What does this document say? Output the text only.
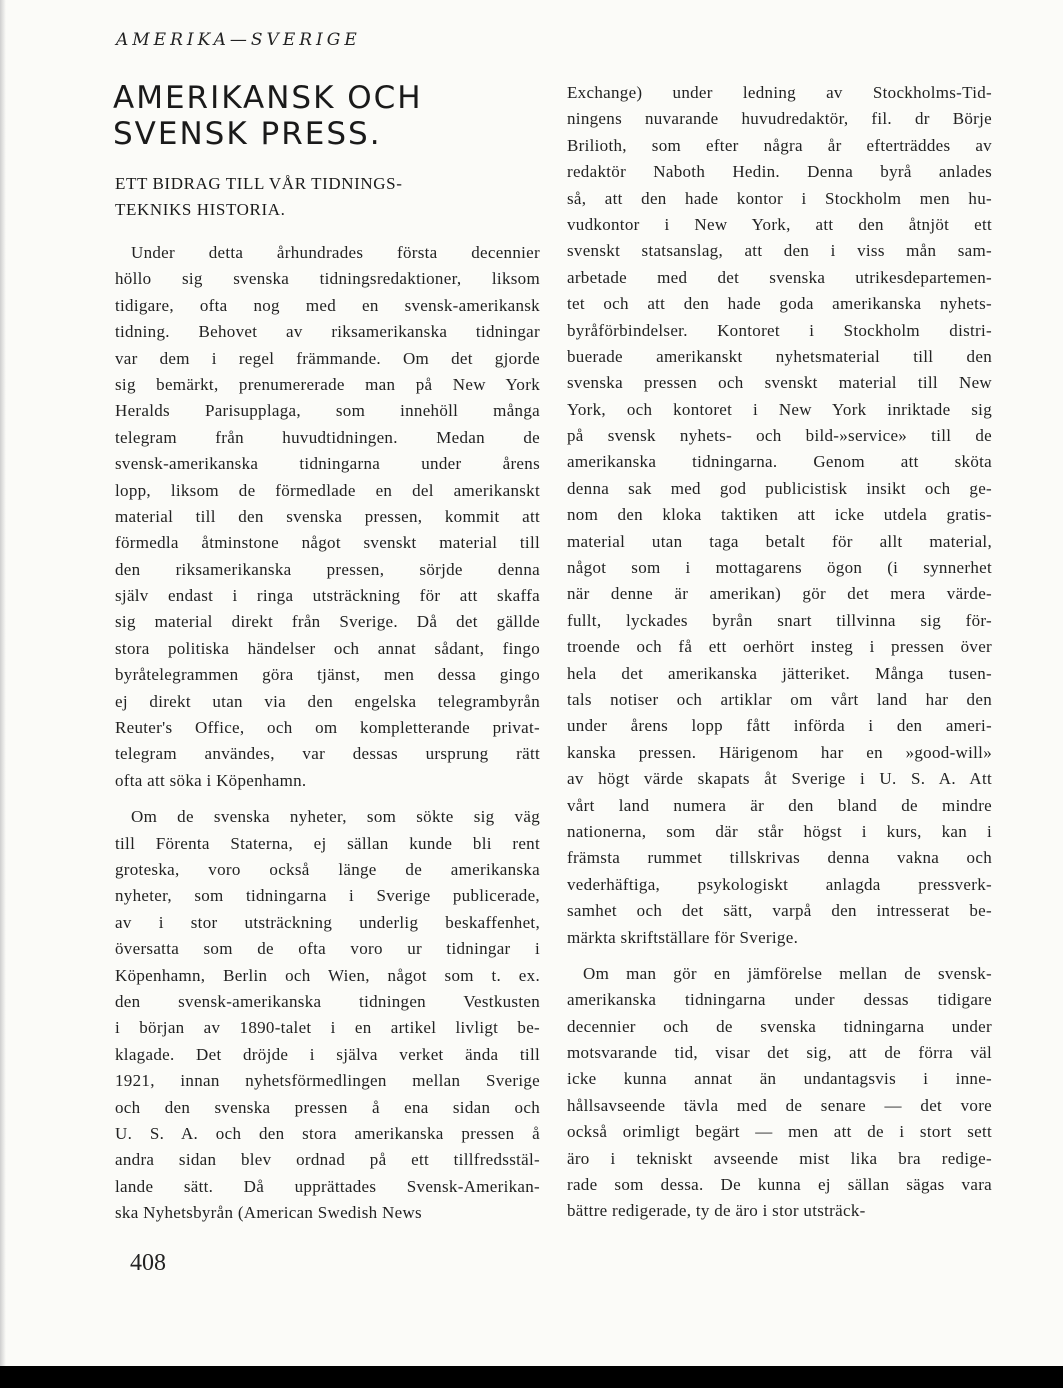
AMERIKA—SVERIGE
AMERIKANSK OCH
SVENSK PRESS.
ETT BIDRAG TILL VÅR TIDNINGS-
TEKNIKS HISTORIA.
Under detta århundrades första decennier
höllo sig svenska tidningsredaktioner, liksom
tidigare, ofta nog med en svensk-amerikansk
tidning. Behovet av riksamerikanska tidningar
var dem i regel främmande. Om det gjorde
sig bemärkt, prenumererade man på New York
Heralds Parisupplaga, som innehöll många
telegram från huvudtidningen. Medan de
svensk-amerikanska tidningarna under årens
lopp, liksom de förmedlade en del amerikanskt
material till den svenska pressen, kommit att
förmedla åtminstone något svenskt material till
den riksamerikanska pressen, sörjde denna
själv endast i ringa utsträckning för att skaffa
sig material direkt från Sverige. Då det gällde
stora politiska händelser och annat sådant, fingo
byråtelegrammen göra tjänst, men dessa gingo
ej direkt utan via den engelska telegrambyrån
Reuter's Office, och om kompletterande privat-
telegram användes, var dessas ursprung rätt
ofta att söka i Köpenhamn.
Om de svenska nyheter, som sökte sig väg
till Förenta Staterna, ej sällan kunde bli rent
groteska, voro också länge de amerikanska
nyheter, som tidningarna i Sverige publicerade,
av i stor utsträckning underlig beskaffenhet,
översatta som de ofta voro ur tidningar i
Köpenhamn, Berlin och Wien, något som t. ex.
den svensk-amerikanska tidningen Vestkusten
i början av 1890-talet i en artikel livligt be-
klagade. Det dröjde i själva verket ända till
1921, innan nyhetsförmedlingen mellan Sverige
och den svenska pressen å ena sidan och
U. S. A. och den stora amerikanska pressen å
andra sidan blev ordnad på ett tillfredsstäl-
lande sätt. Då upprättades Svensk-Amerikan-
ska Nyhetsbyrån (American Swedish News
Exchange) under ledning av Stockholms-Tid-
ningens nuvarande huvudredaktör, fil. dr Börje
Brilioth, som efter några år efterträddes av
redaktör Naboth Hedin. Denna byrå anlades
så, att den hade kontor i Stockholm men hu-
vudkontor i New York, att den åtnjöt ett
svenskt statsanslag, att den i viss mån sam-
arbetade med det svenska utrikesdepartemen-
tet och att den hade goda amerikanska nyhets-
byråförbindelser. Kontoret i Stockholm distri-
buerade amerikanskt nyhetsmaterial till den
svenska pressen och svenskt material till New
York, och kontoret i New York inriktade sig
på svensk nyhets- och bild-»service» till de
amerikanska tidningarna. Genom att sköta
denna sak med god publicistisk insikt och ge-
nom den kloka taktiken att icke utdela gratis-
material utan taga betalt för allt material,
något som i mottagarens ögon (i synnerhet
när denne är amerikan) gör det mera värde-
fullt, lyckades byrån snart tillvinna sig för-
troende och få ett oerhört insteg i pressen över
hela det amerikanska jätteriket. Många tusen-
tals notiser och artiklar om vårt land har den
under årens lopp fått införda i den ameri-
kanska pressen. Härigenom har en »good-will»
av högt värde skapats åt Sverige i U. S. A. Att
vårt land numera är den bland de mindre
nationerna, som där står högst i kurs, kan i
främsta rummet tillskrivas denna vakna och
vederhäftiga, psykologiskt anlagda pressverk-
samhet och det sätt, varpå den intresserat be-
märkta skriftställare för Sverige.
Om man gör en jämförelse mellan de svensk-
amerikanska tidningarna under dessas tidigare
decennier och de svenska tidningarna under
motsvarande tid, visar det sig, att de förra väl
icke kunna annat än undantagsvis i inne-
hållsavseende tävla med de senare — det vore
också orimligt begärt — men att de i stort sett
äro i tekniskt avseende mist lika bra redige-
rade som dessa. De kunna ej sällan sägas vara
bättre redigerade, ty de äro i stor utsträck-
408
